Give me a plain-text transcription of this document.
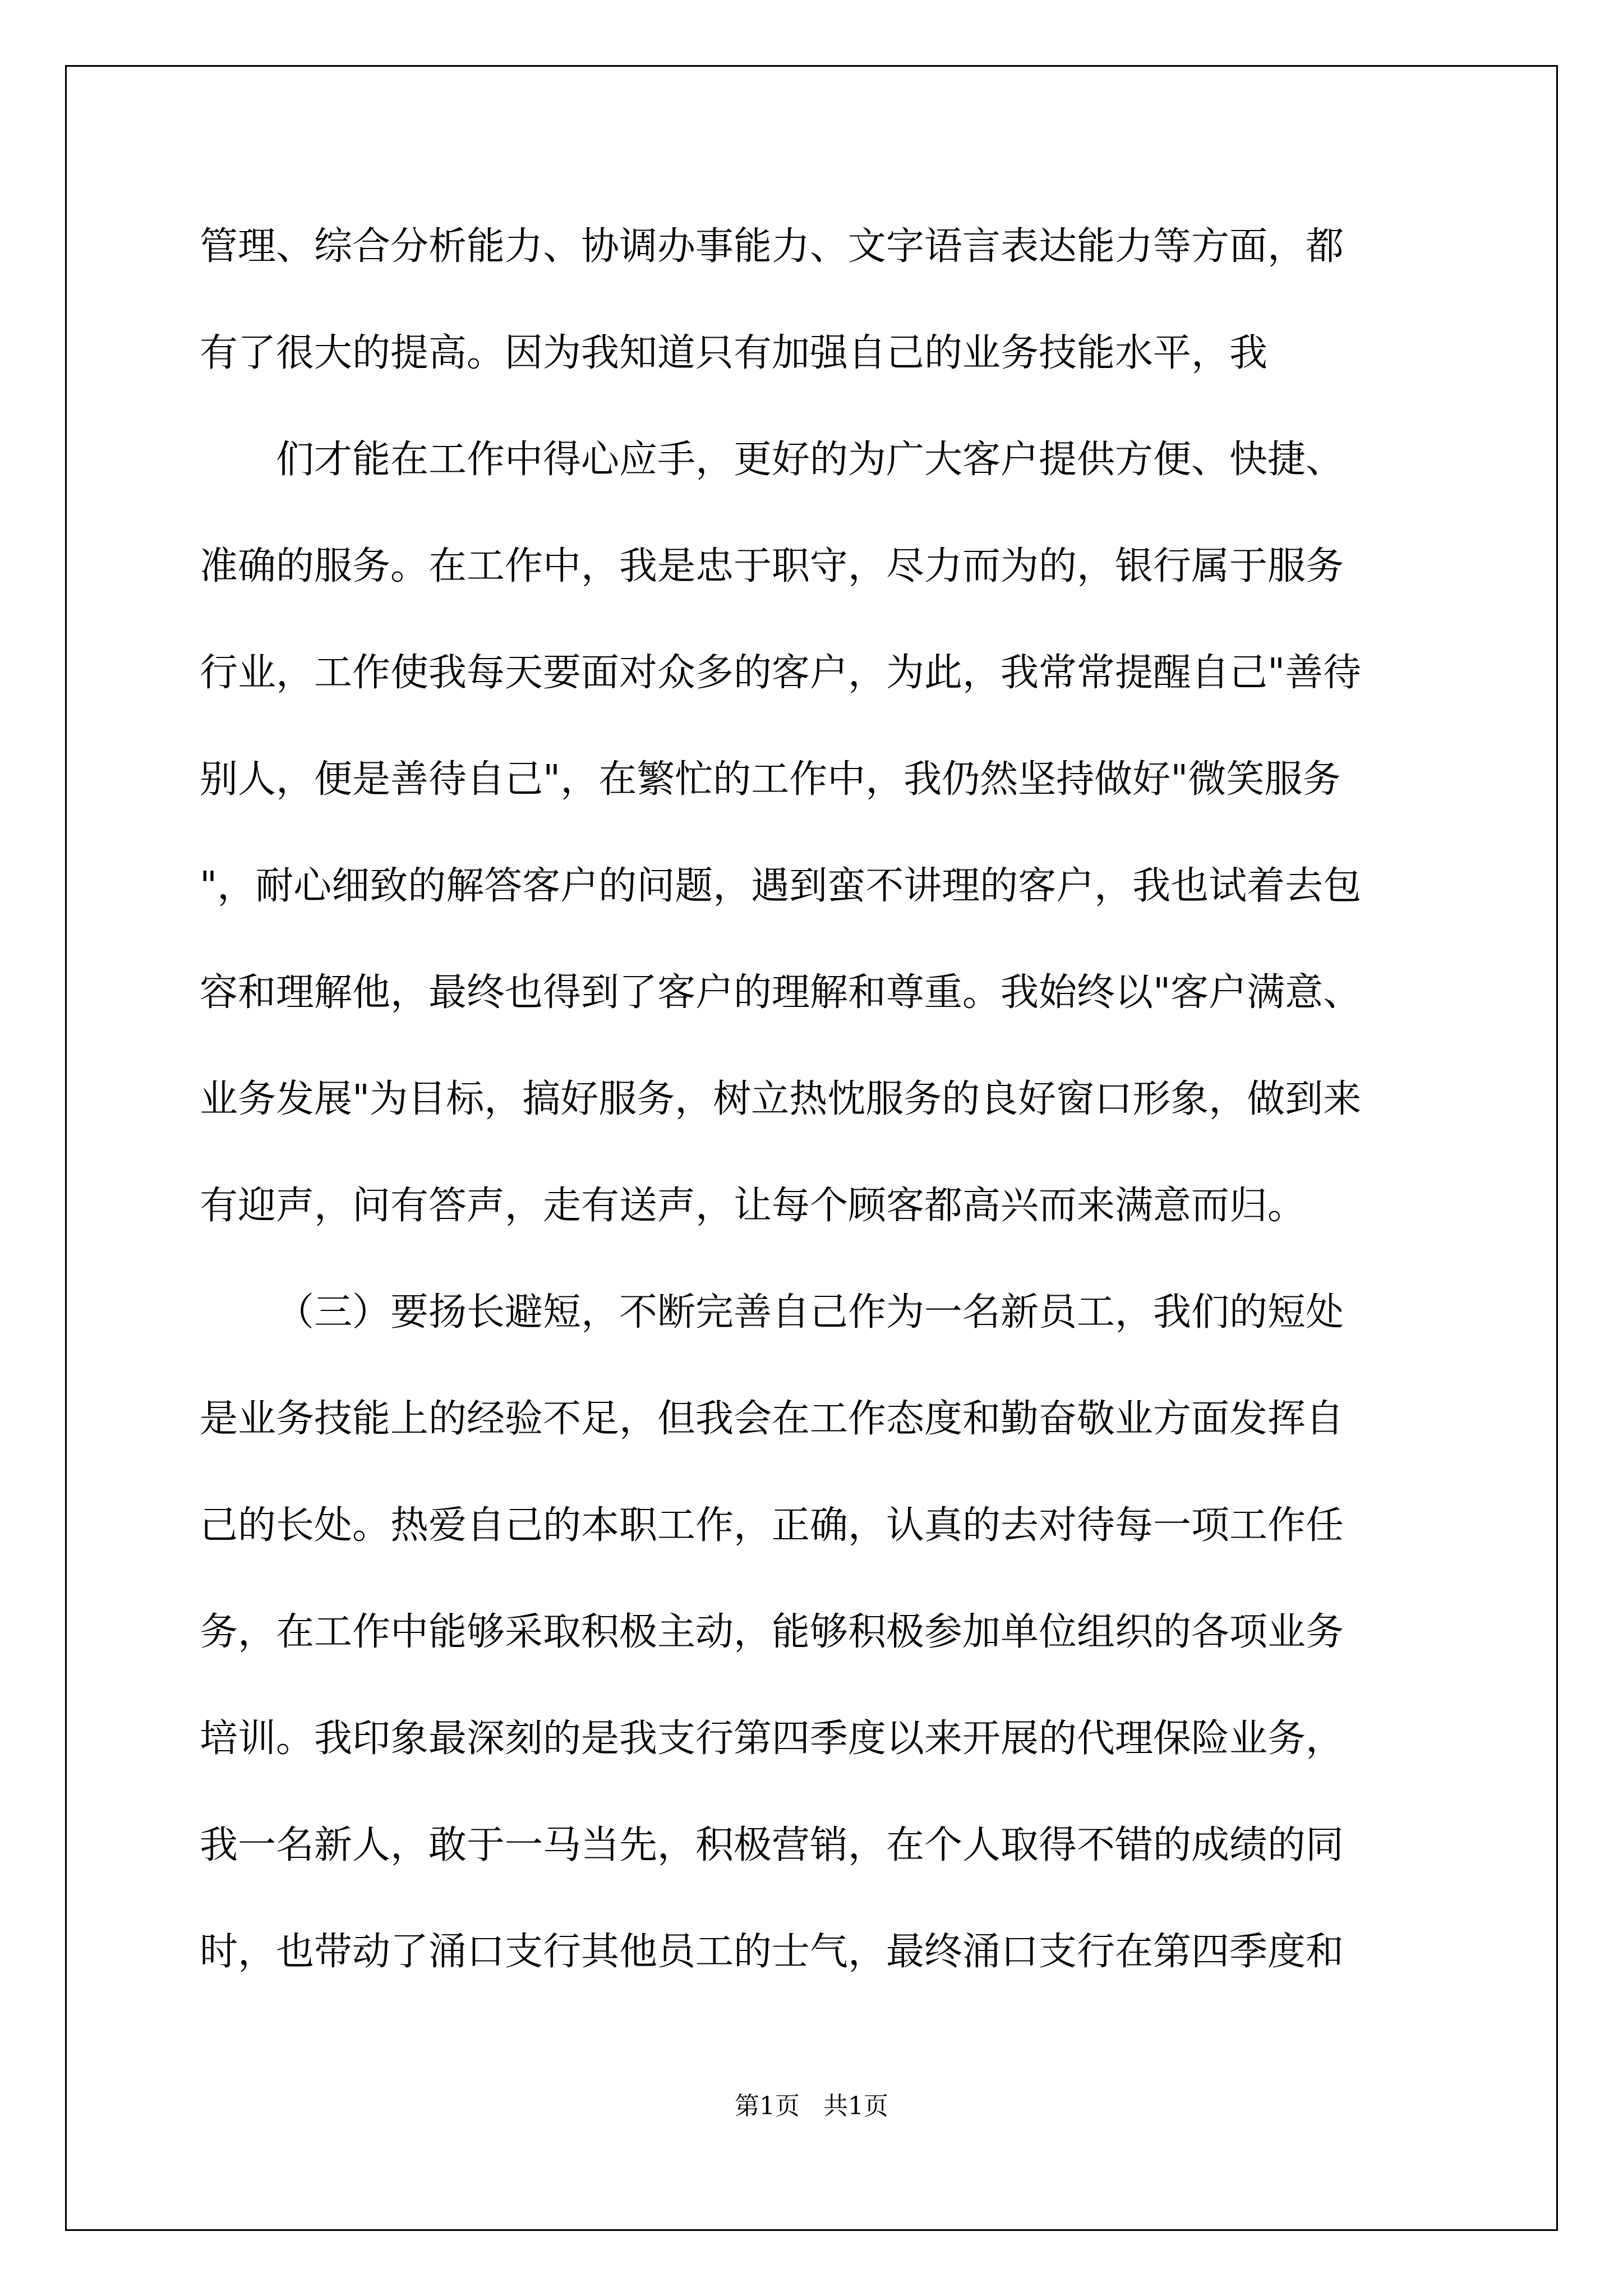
管理、综合分析能力、协调办事能力、文字语言表达能力等方面，都
有了很大的提高。因为我知道只有加强自己的业务技能水平，我
们才能在工作中得心应手，更好的为广大客户提供方便、快捷、
准确的服务。在工作中，我是忠于职守，尽力而为的，银行属于服务
行业，工作使我每天要面对众多的客户，为此，我常常提醒自己"善待
别人，便是善待自己"，在繁忙的工作中，我仍然坚持做好"微笑服务
"，耐心细致的解答客户的问题，遇到蛮不讲理的客户，我也试着去包
容和理解他，最终也得到了客户的理解和尊重。我始终以"客户满意、
业务发展"为目标，搞好服务，树立热忱服务的良好窗口形象，做到来
有迎声，问有答声，走有送声，让每个顾客都高兴而来满意而归。
（三）要扬长避短，不断完善自己作为一名新员工，我们的短处
是业务技能上的经验不足，但我会在工作态度和勤奋敬业方面发挥自
己的长处。热爱自己的本职工作，正确，认真的去对待每一项工作任
务，在工作中能够采取积极主动，能够积极参加单位组织的各项业务
培训。我印象最深刻的是我支行第四季度以来开展的代理保险业务，
我一名新人，敢于一马当先，积极营销，在个人取得不错的成绩的同
时，也带动了涌口支行其他员工的士气，最终涌口支行在第四季度和
第1页   共1页
